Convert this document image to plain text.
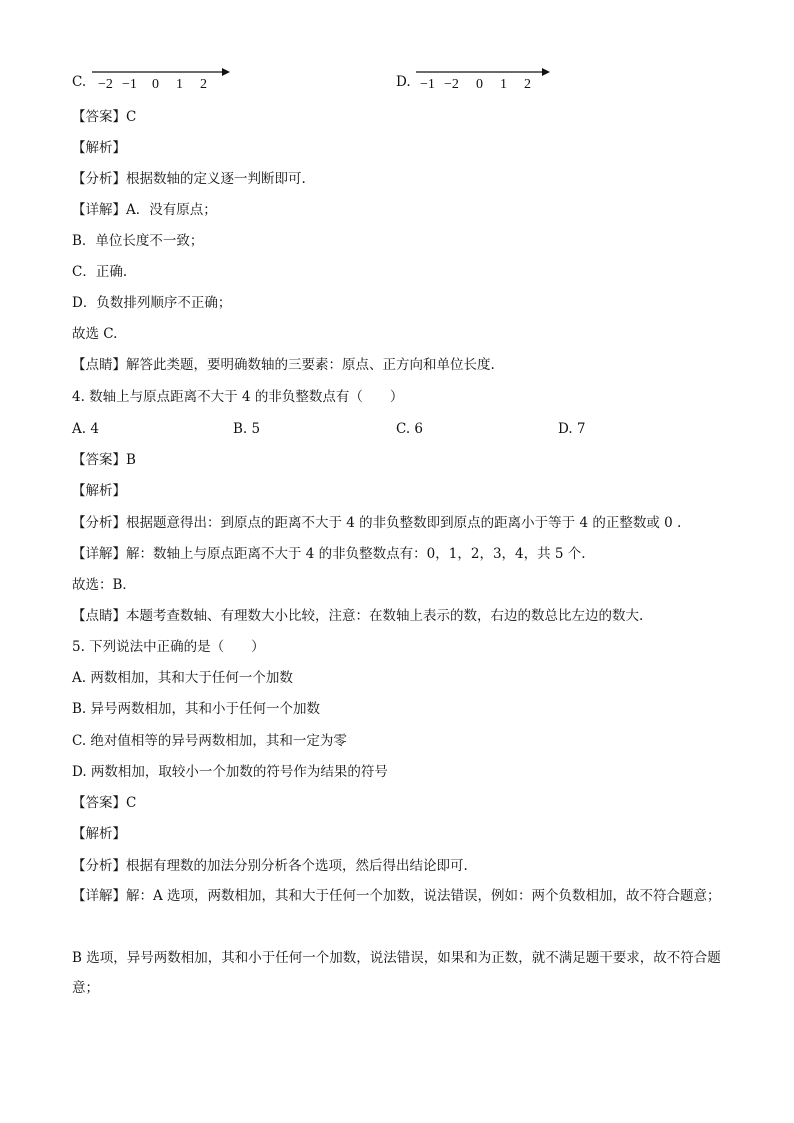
C. −2 −1 0 1 2	D. −1 −2 0 1 2
【答案】C
【解析】
【分析】根据数轴的定义逐一判断即可.
【详解】A．没有原点；
B．单位长度不一致；
C．正确.
D．负数排列顺序不正确；
故选 C.
【点睛】解答此类题，要明确数轴的三要素：原点、正方向和单位长度.
4. 数轴上与原点距离不大于 4 的非负整数点有（　　）
A. 4	B. 5	C. 6	D. 7
【答案】B
【解析】
【分析】根据题意得出：到原点的距离不大于 4 的非负整数即到原点的距离小于等于 4 的正整数或 0 .
【详解】解：数轴上与原点距离不大于 4 的非负整数点有：0，1，2，3，4，共 5 个.
故选：B．
【点睛】本题考查数轴、有理数大小比较，注意：在数轴上表示的数，右边的数总比左边的数大.
5. 下列说法中正确的是（　　）
A. 两数相加，其和大于任何一个加数
B. 异号两数相加，其和小于任何一个加数
C. 绝对值相等的异号两数相加，其和一定为零
D. 两数相加，取较小一个加数的符号作为结果的符号
【答案】C
【解析】
【分析】根据有理数的加法分别分析各个选项，然后得出结论即可.
【详解】解：A 选项，两数相加，其和大于任何一个加数，说法错误，例如：两个负数相加，故不符合题意；
B 选项，异号两数相加，其和小于任何一个加数，说法错误，如果和为正数，就不满足题干要求，故不符合题意；
